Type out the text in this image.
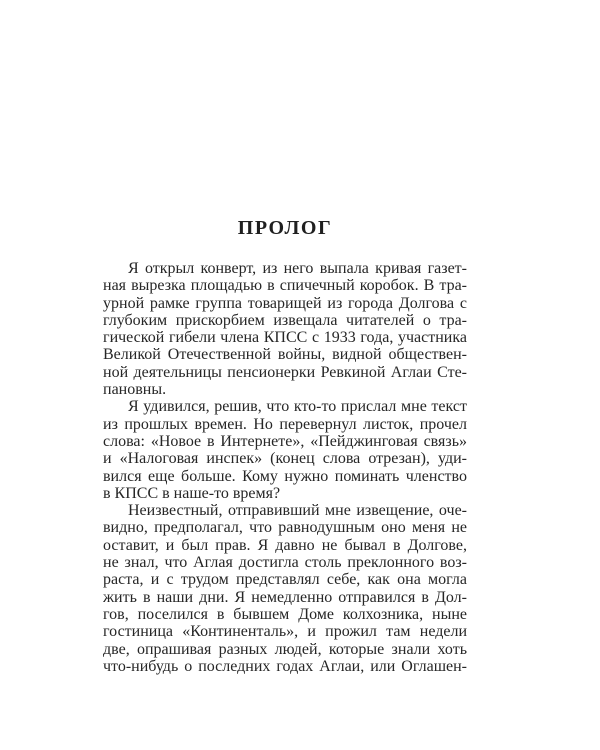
ПРОЛОГ
Я открыл конверт, из него выпала кривая газет-
ная вырезка площадью в спичечный коробок. В тра-
урной рамке группа товарищей из города Долгова с
глубоким прискорбием извещала читателей о тра-
гической гибели члена КПСС с 1933 года, участника
Великой Отечественной войны, видной обществен-
ной деятельницы пенсионерки Ревкиной Аглаи Сте-
пановны.
Я удивился, решив, что кто-то прислал мне текст
из прошлых времен. Но перевернул листок, прочел
слова: «Новое в Интернете», «Пейджинговая связь»
и «Налоговая инспек» (конец слова отрезан), уди-
вился еще больше. Кому нужно поминать членство
в КПСС в наше-то время?
Неизвестный, отправивший мне извещение, оче-
видно, предполагал, что равнодушным оно меня не
оставит, и был прав. Я давно не бывал в Долгове,
не знал, что Аглая достигла столь преклонного воз-
раста, и с трудом представлял себе, как она могла
жить в наши дни. Я немедленно отправился в Дол-
гов, поселился в бывшем Доме колхозника, ныне
гостиница «Континенталь», и прожил там недели
две, опрашивая разных людей, которые знали хоть
что-нибудь о последних годах Аглаи, или Оглашен-
